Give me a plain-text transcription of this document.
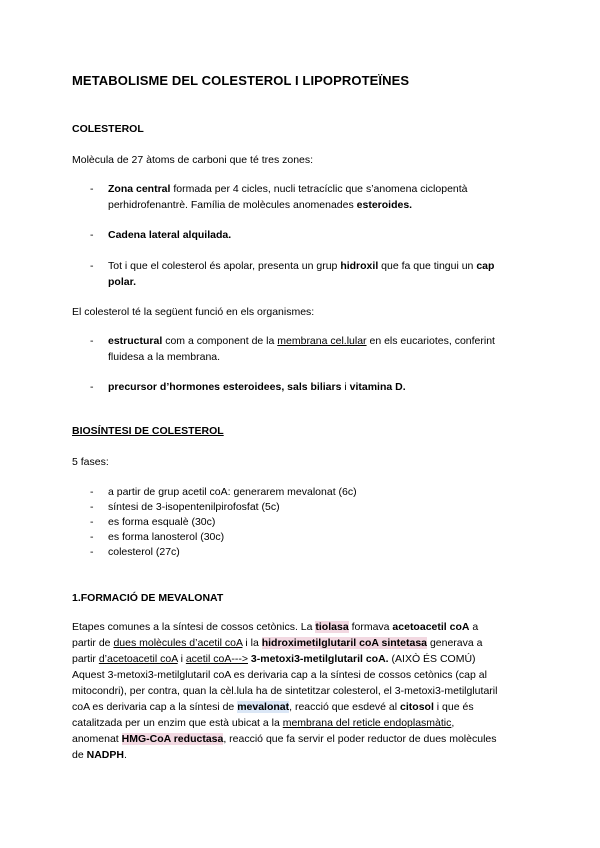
METABOLISME DEL COLESTEROL I LIPOPROTEÏNES
COLESTEROL
Molècula de 27 àtoms de carboni que té tres zones:
- Zona central formada per 4 cicles, nucli tetracíclic que s’anomena ciclopentà
perhidrofenantrè. Família de molècules anomenades esteroides.
- Cadena lateral alquilada.
- Tot i que el colesterol és apolar, presenta un grup hidroxil que fa que tingui un cap
polar.
El colesterol té la següent funció en els organismes:
- estructural com a component de la membrana cel.lular en els eucariotes, conferint
fluidesa a la membrana.
- precursor d’hormones esteroidees, sals biliars i vitamina D.
BIOSÍNTESI DE COLESTEROL
5 fases:
- a partir de grup acetil coA: generarem mevalonat (6c)
- síntesi de 3-isopentenilpirofosfat (5c)
- es forma esqualè (30c)
- es forma lanosterol (30c)
- colesterol (27c)
1.FORMACIÓ DE MEVALONAT
Etapes comunes a la síntesi de cossos cetònics. La tiolasa formava acetoacetil coA a
partir de dues molècules d’acetil coA i la hidroximetilglutaril coA sintetasa generava a
partir d’acetoacetil coA i acetil coA---> 3-metoxi3-metilglutaril coA. (AIXÒ ÉS COMÚ)
Aquest 3-metoxi3-metilglutaril coA es derivaria cap a la síntesi de cossos cetònics (cap al
mitocondri), per contra, quan la cèl.lula ha de sintetitzar colesterol, el 3-metoxi3-metilglutaril
coA es derivaria cap a la síntesi de mevalonat, reacció que esdevé al citosol i que és
catalitzada per un enzim que està ubicat a la membrana del reticle endoplasmàtic,
anomenat HMG-CoA reductasa, reacció que fa servir el poder reductor de dues molècules
de NADPH.
